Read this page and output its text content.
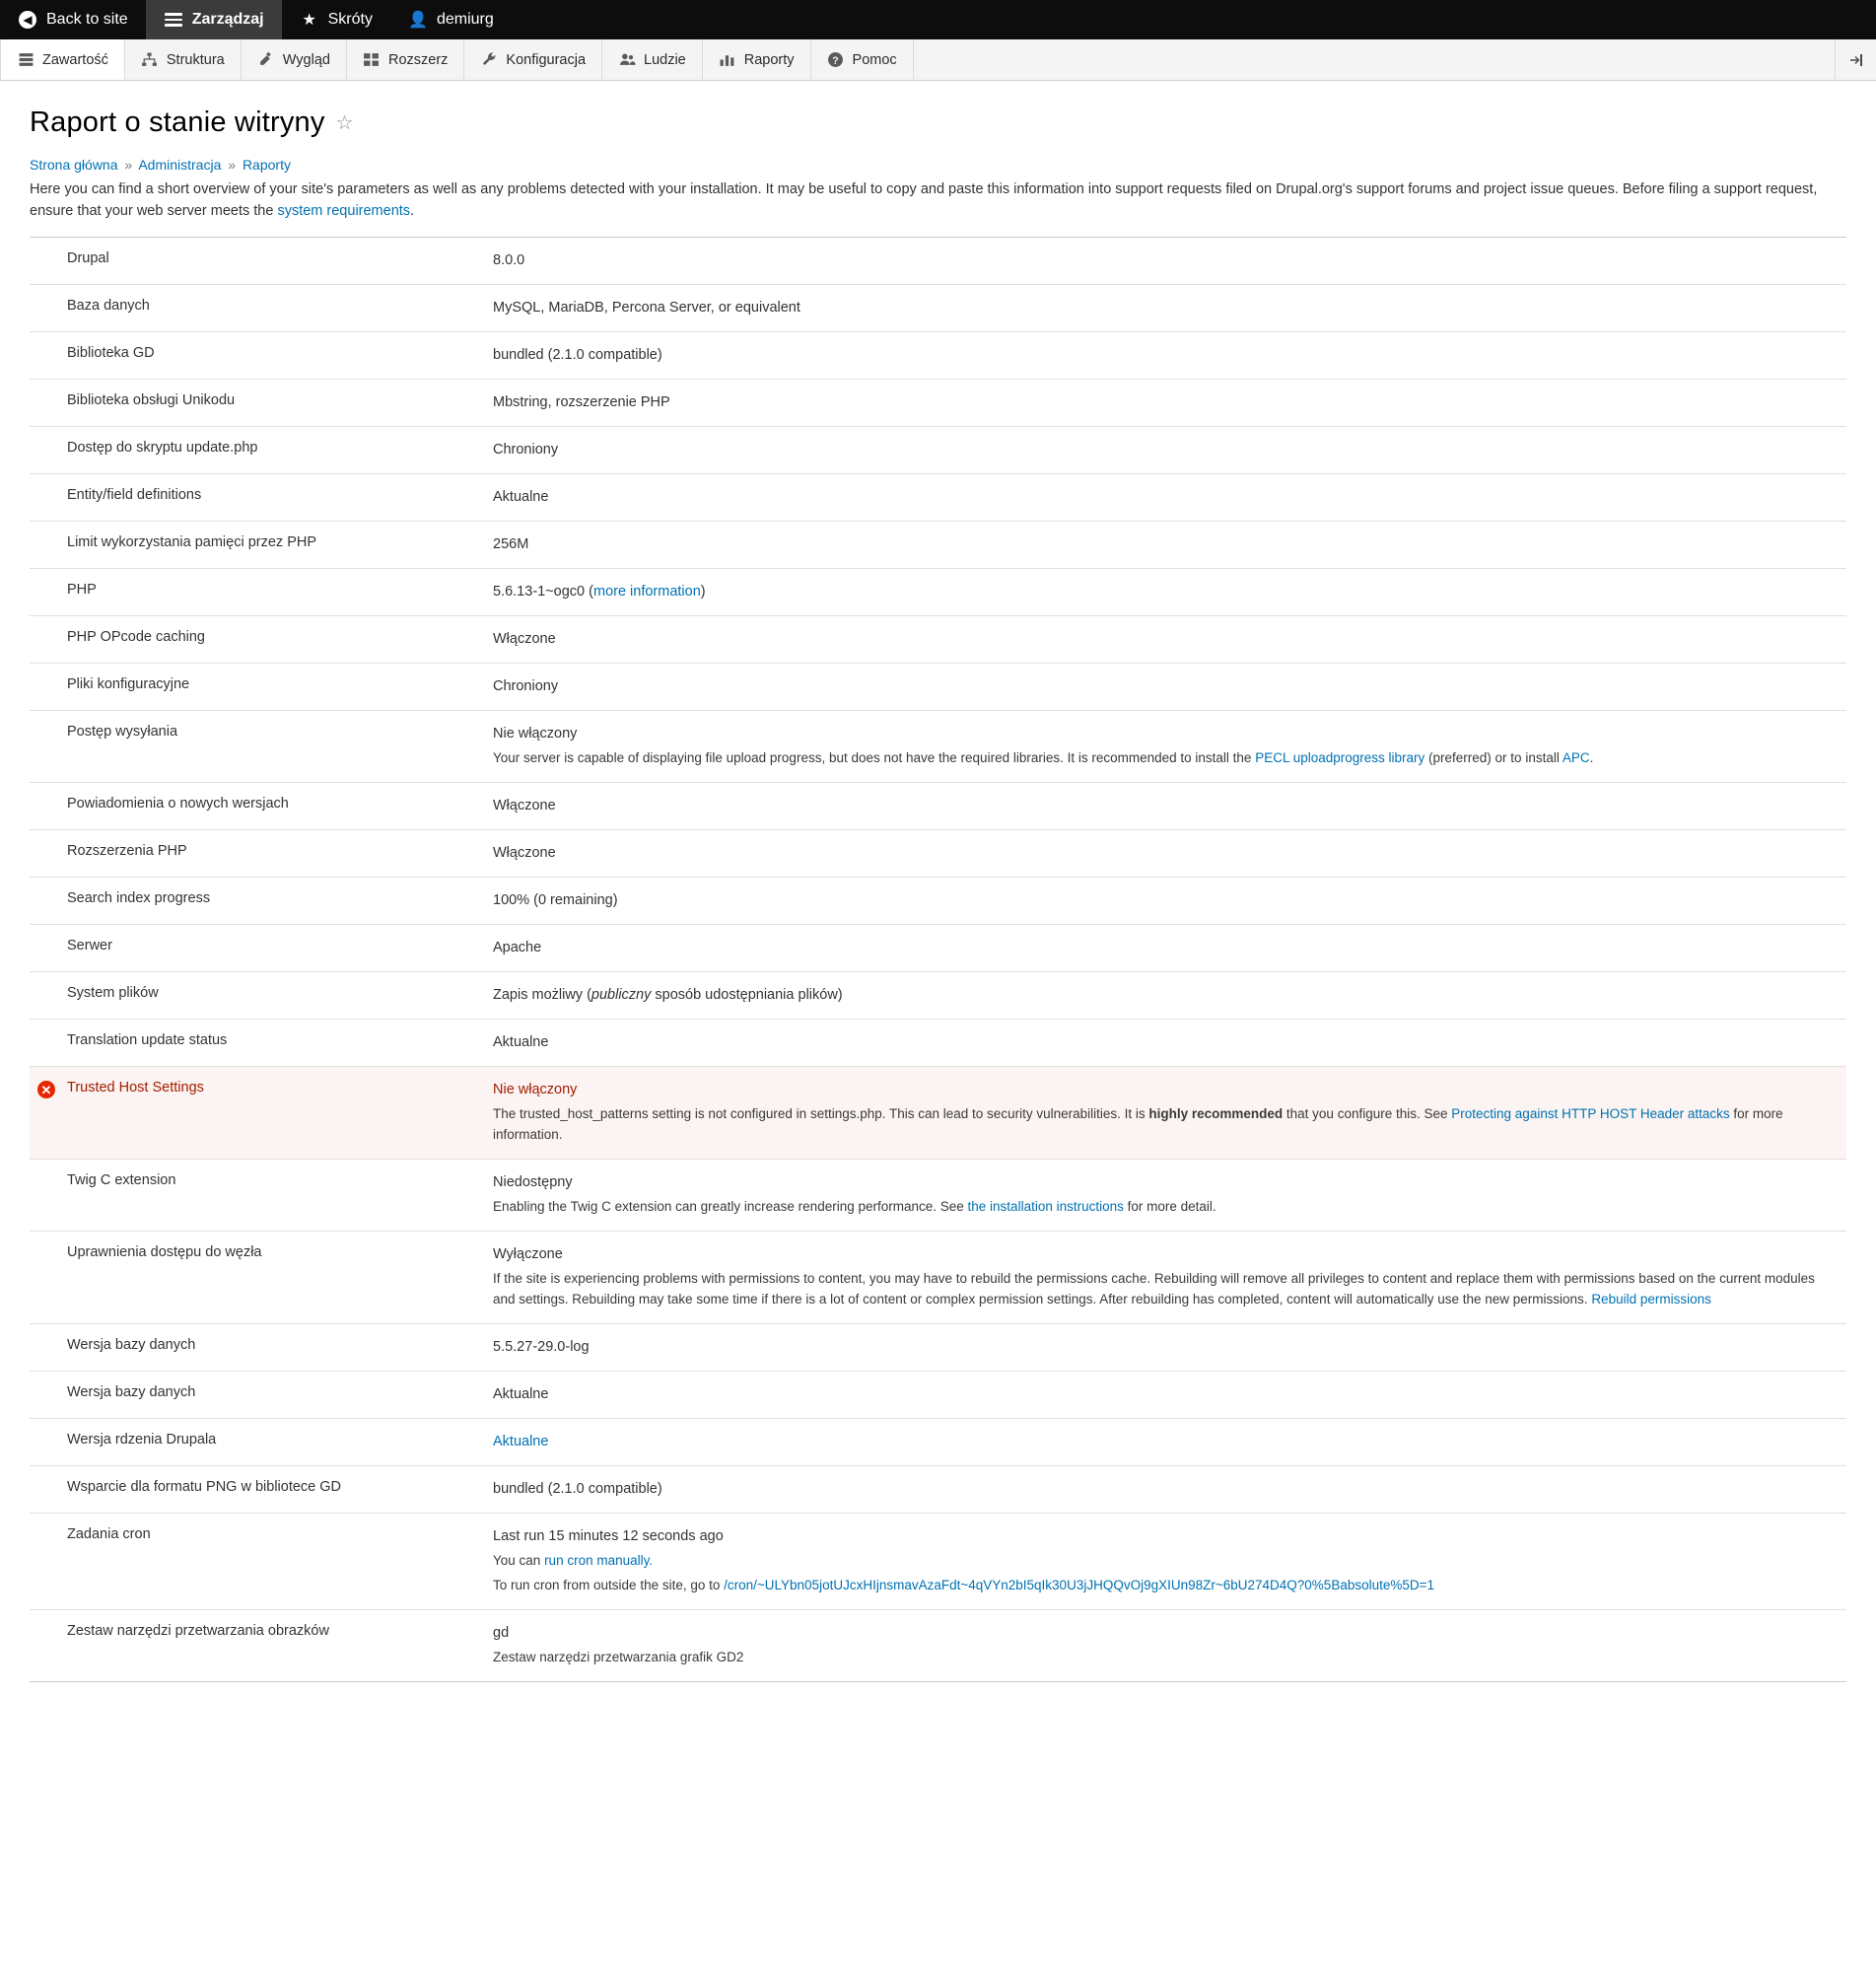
◀ Back to site	Zarządzaj ★ Skróty 👤 demiurg
Zawartość	Struktura	Wygląd	Rozszerz	Konfiguracja	Ludzie	Raporty	? Pomoc
Raport o stanie witryny ☆
Strona główna » Administracja » Raporty
Here you can find a short overview of your site's parameters as well as any problems detected with your installation. It may be useful to copy and paste this information into support requests filed on Drupal.org's support forums and project issue queues. Before filing a support request, ensure that your web server meets the system requirements.
Drupal	8.0.0

Baza danych	MySQL, MariaDB, Percona Server, or equivalent

Biblioteka GD	bundled (2.1.0 compatible)

Biblioteka obsługi Unikodu	Mbstring, rozszerzenie PHP

Dostęp do skryptu update.php	Chroniony

Entity/field definitions	Aktualne

Limit wykorzystania pamięci przez PHP	256M

PHP	5.6.13-1~ogc0 (more information)

PHP OPcode caching	Włączone

Pliki konfiguracyjne	Chroniony

Postęp wysyłania	Nie włączony
Your server is capable of displaying file upload progress, but does not have the required libraries. It is recommended to install the PECL uploadprogress library (preferred) or to install APC.

Powiadomienia o nowych wersjach	Włączone

Rozszerzenia PHP	Włączone

Search index progress	100% (0 remaining)

Serwer	Apache

System plików	Zapis możliwy (publiczny sposób udostępniania plików)

Translation update status	Aktualne

✕ Trusted Host Settings	Nie włączony
The trusted_host_patterns setting is not configured in settings.php. This can lead to security vulnerabilities. It is highly recommended that you configure this. See Protecting against HTTP HOST Header attacks for more information.

Twig C extension	Niedostępny
Enabling the Twig C extension can greatly increase rendering performance. See the installation instructions for more detail.

Uprawnienia dostępu do węzła	Wyłączone
If the site is experiencing problems with permissions to content, you may have to rebuild the permissions cache. Rebuilding will remove all privileges to content and replace them with permissions based on the current modules and settings. Rebuilding may take some time if there is a lot of content or complex permission settings. After rebuilding has completed, content will automatically use the new permissions. Rebuild permissions

Wersja bazy danych	5.5.27-29.0-log

Wersja bazy danych	Aktualne

Wersja rdzenia Drupala	Aktualne

Wsparcie dla formatu PNG w bibliotece GD	bundled (2.1.0 compatible)

Zadania cron	Last run 15 minutes 12 seconds ago
You can run cron manually.
To run cron from outside the site, go to /cron/~ULYbn05jotUJcxHIjnsmavAzaFdt~4qVYn2bI5qIk30U3jJHQQvOj9gXIUn98Zr~6bU274D4Q?0%5Babsolute%5D=1

Zestaw narzędzi przetwarzania obrazków	gd
Zestaw narzędzi przetwarzania grafik GD2
